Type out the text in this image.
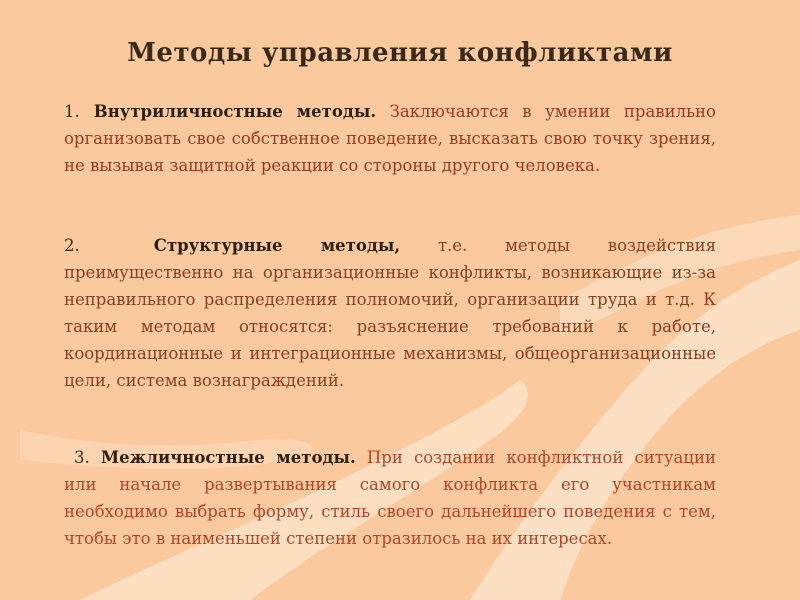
Методы управления конфликтами
1. Внутриличностные методы. Заключаются в умении правильно организовать свое собственное поведение, высказать свою точку зрения, не вызывая защитной реакции со стороны другого человека.
2.	Структурные методы, т.е. методы воздействия преимущественно на организационные конфликты, возникающие из-за неправильного распределения полномочий, организации труда и т.д. К таким методам относятся: разъяснение требований к работе, координационные и интеграционные механизмы, общеорганизационные цели, система вознаграждений.
3. Межличностные методы. При создании конфликтной ситуации или начале развертывания самого конфликта его участникам необходимо выбрать форму, стиль своего дальнейшего поведения с тем, чтобы это в наименьшей степени отразилось на их интересах.
